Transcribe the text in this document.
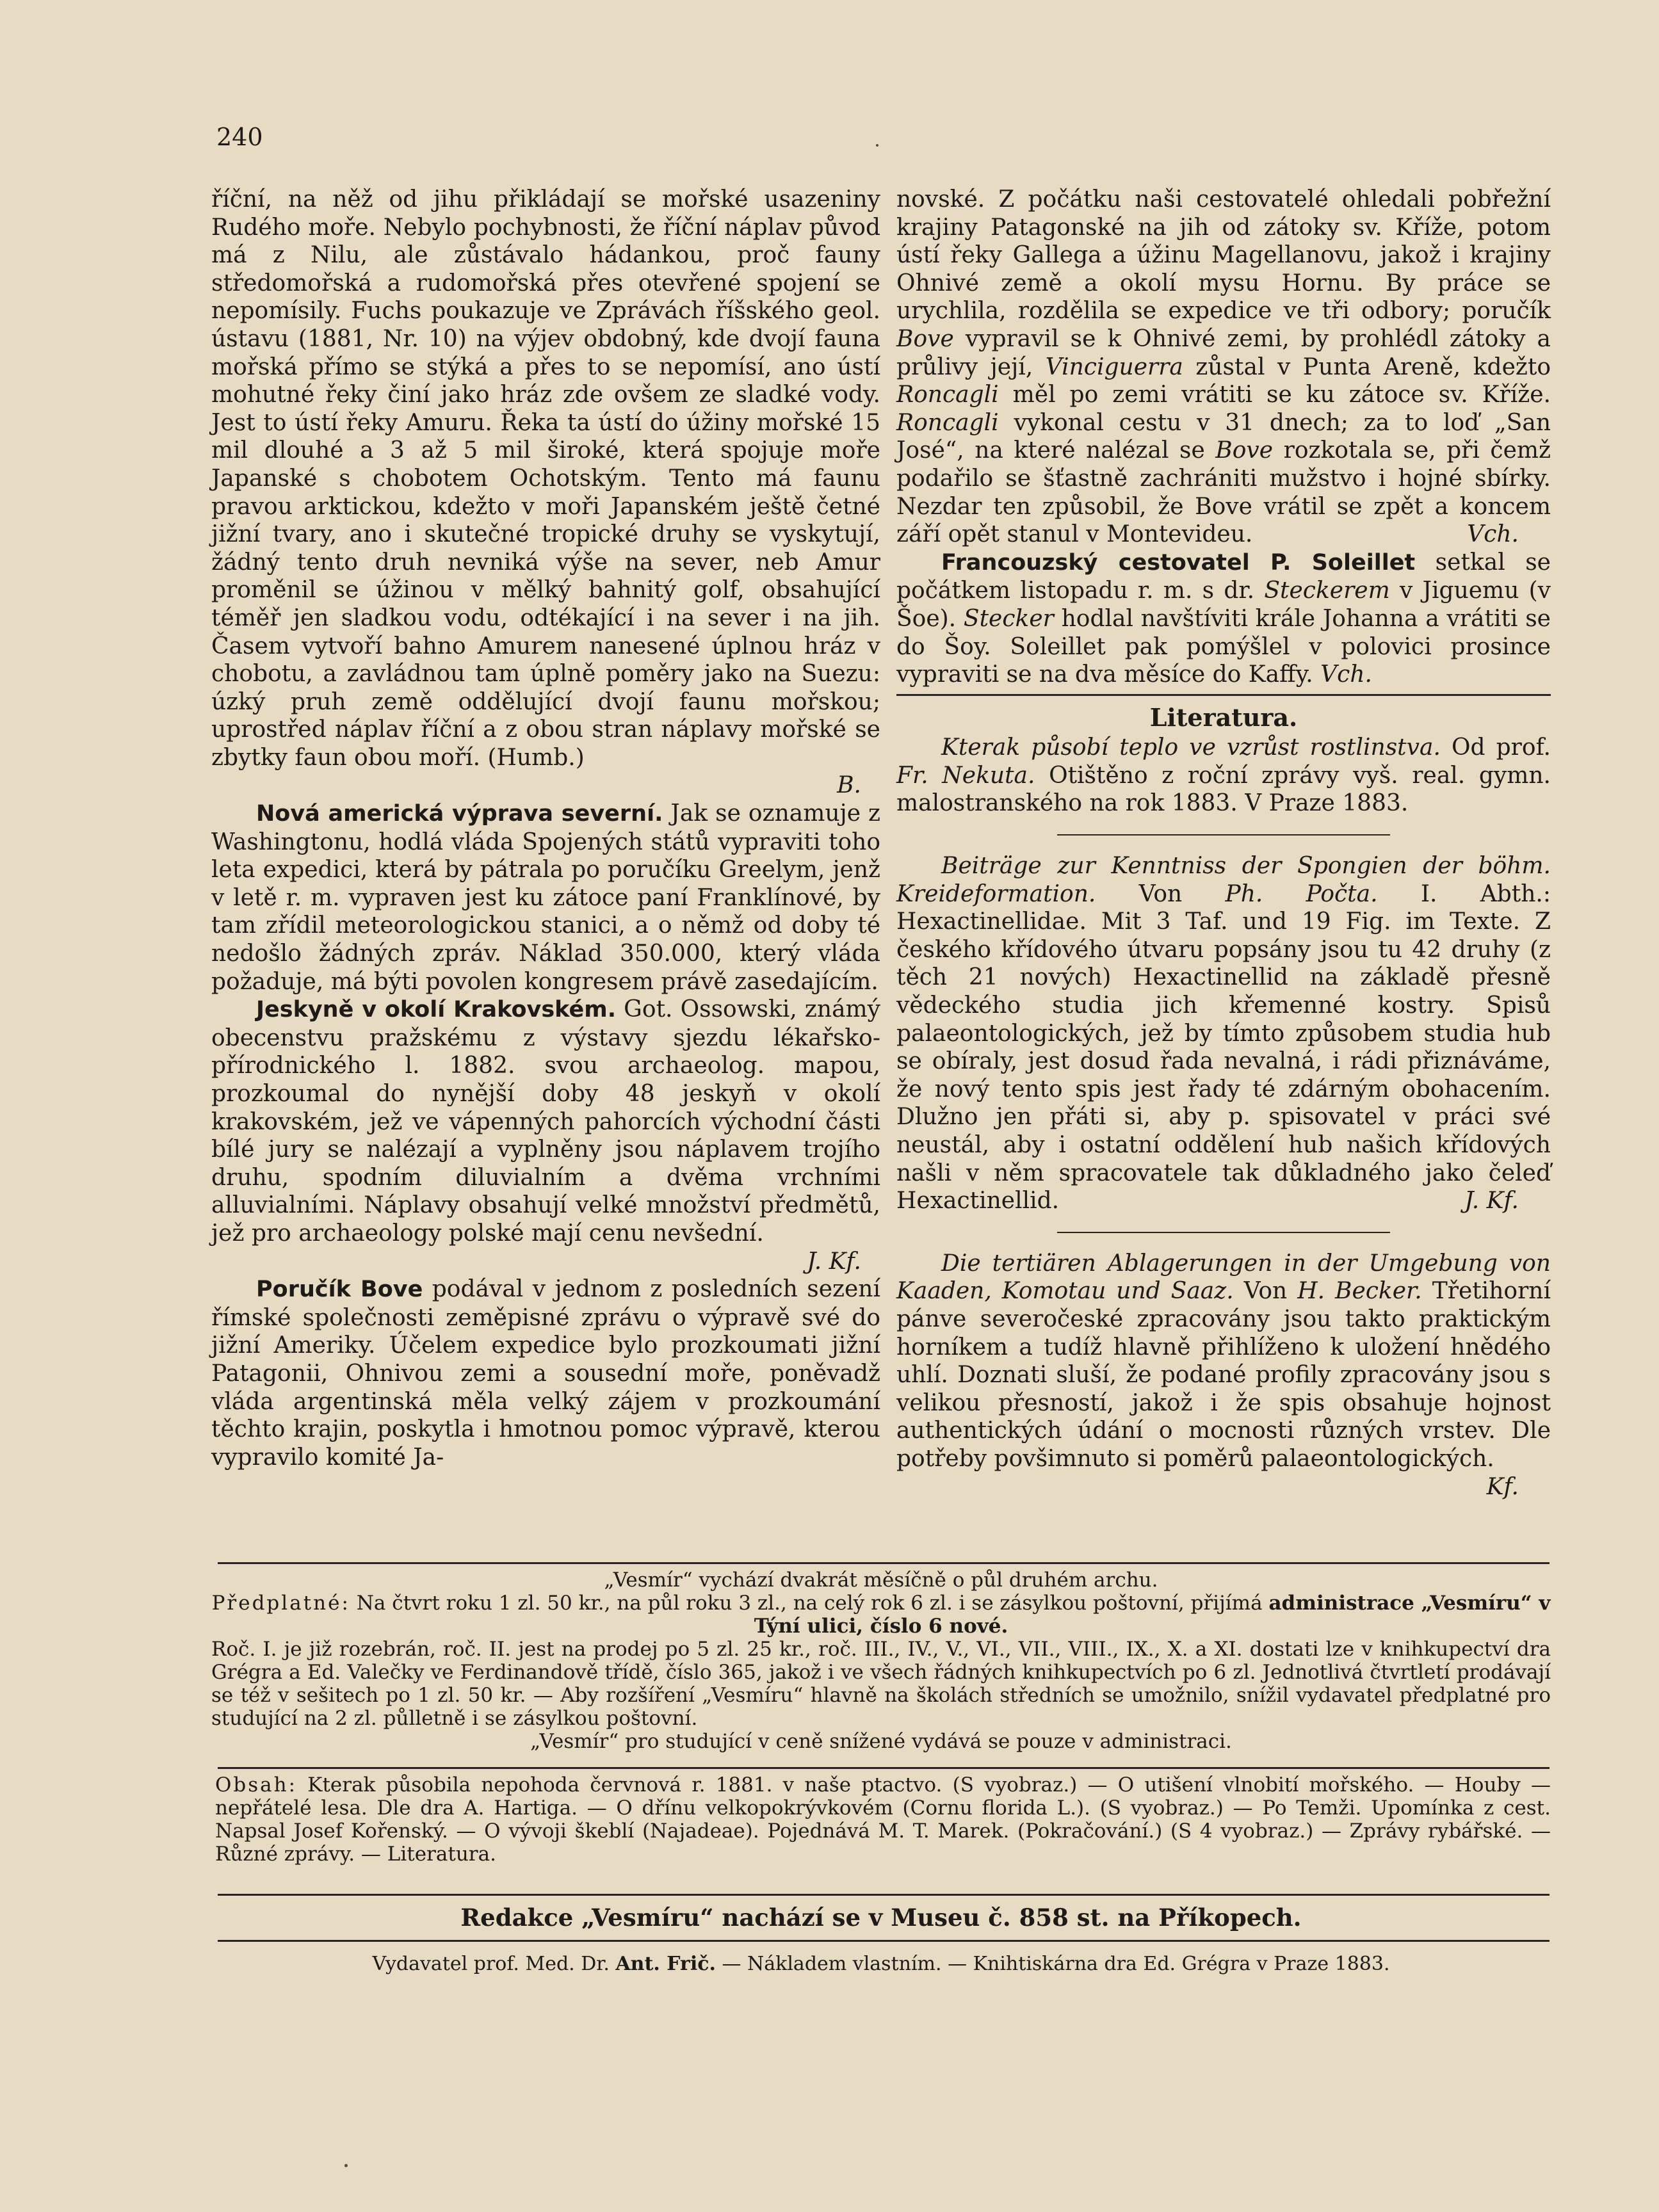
240

říční, na něž od jihu přikládají se mořské usazeniny Rudého moře. Nebylo pochybnosti, že říční náplav původ má z Nilu, ale zůstávalo hádankou, proč fauny středomořská a rudomořská přes otevřené spojení se nepomísily. Fuchs poukazuje ve Zprávách říšského geol. ústavu (1881, Nr. 10) na výjev obdobný, kde dvojí fauna mořská přímo se stýká a přes to se nepomísí, ano ústí mohutné řeky činí jako hráz zde ovšem ze sladké vody. Jest to ústí řeky Amuru. Řeka ta ústí do úžiny mořské 15 mil dlouhé a 3 až 5 mil široké, která spojuje moře Japanské s chobotem Ochotským. Tento má faunu pravou arktickou, kdežto v moři Japanském ještě četné jižní tvary, ano i skutečné tropické druhy se vyskytují, žádný tento druh nevniká výše na sever, neb Amur proměnil se úžinou v mělký bahnitý golf, obsahující téměř jen sladkou vodu, odtékající i na sever i na jih. Časem vytvoří bahno Amurem nanesené úplnou hráz v chobotu, a zavládnou tam úplně poměry jako na Suezu: úzký pruh země oddělující dvojí faunu mořskou; uprostřed náplav říční a z obou stran náplavy mořské se zbytky faun obou moří. (Humb.)

B.

Nová americká výprava severní. Jak se oznamuje z Washingtonu, hodlá vláda Spojených států vypraviti toho leta expedici, která by pátrala po poručíku Greelym, jenž v letě r. m. vypraven jest ku zátoce paní Franklínové, by tam zřídil meteorologickou stanici, a o němž od doby té nedošlo žádných zpráv. Náklad 350.000, který vláda požaduje, má býti povolen kongresem právě zasedajícím.

Jeskyně v okolí Krakovském. Got. Ossowski, známý obecenstvu pražskému z výstavy sjezdu lékařsko-přírodnického l. 1882. svou archaeolog. mapou, prozkoumal do nynější doby 48 jeskyň v okolí krakovském, jež ve vápenných pahorcích východní části bílé jury se nalézají a vyplněny jsou náplavem trojího druhu, spodním diluvialním a dvěma vrchními alluvialními. Náplavy obsahují velké množství předmětů, jež pro archaeology polské mají cenu nevšední.

J. Kf.

Poručík Bove podával v jednom z posledních sezení římské společnosti zeměpisné zprávu o výpravě své do jižní Ameriky. Účelem expedice bylo prozkoumati jižní Patagonii, Ohnivou zemi a sousední moře, poněvadž vláda argentinská měla velký zájem v prozkoumání těchto krajin, poskytla i hmotnou pomoc výpravě, kterou vypravilo komité Ja-

novské. Z počátku naši cestovatelé ohledali pobřežní krajiny Patagonské na jih od zátoky sv. Kříže, potom ústí řeky Gallega a úžinu Magellanovu, jakož i krajiny Ohnivé země a okolí mysu Hornu. By práce se urychlila, rozdělila se expedice ve tři odbory; poručík Bove vypravil se k Ohnivé zemi, by prohlédl zátoky a průlivy její, Vinciguerra zůstal v Punta Areně, kdežto Roncagli měl po zemi vrátiti se ku zátoce sv. Kříže. Roncagli vykonal cestu v 31 dnech; za to loď „San José“, na které nalézal se Bove rozkotala se, při čemž podařilo se šťastně zachrániti mužstvo i hojné sbírky. Nezdar ten způsobil, že Bove vrátil se zpět a koncem září opět stanul v Montevideu.	Vch.

Francouzský cestovatel P. Soleillet setkal se počátkem listopadu r. m. s dr. Steckerem v Jiguemu (v Šoe). Stecker hodlal navštíviti krále Johanna a vrátiti se do Šoy. Soleillet pak pomýšlel v polovici prosince vypraviti se na dva měsíce do Kaffy. Vch.

Literatura.

Kterak působí teplo ve vzrůst rostlinstva. Od prof. Fr. Nekuta. Otištěno z roční zprávy vyš. real. gymn. malostranského na rok 1883. V Praze 1883.

Beiträge zur Kenntniss der Spongien der böhm. Kreideformation. Von Ph. Počta. I. Abth.: Hexactinellidae. Mit 3 Taf. und 19 Fig. im Texte. Z českého křídového útvaru popsány jsou tu 42 druhy (z těch 21 nových) Hexactinellid na základě přesně vědeckého studia jich křemenné kostry. Spisů palaeontologických, jež by tímto způsobem studia hub se obíraly, jest dosud řada nevalná, i rádi přiznáváme, že nový tento spis jest řady té zdárným obohacením. Dlužno jen přáti si, aby p. spisovatel v práci své neustál, aby i ostatní oddělení hub našich křídových našli v něm spracovatele tak důkladného jako čeleď Hexactinellid.	J. Kf.

Die tertiären Ablagerungen in der Umgebung von Kaaden, Komotau und Saaz. Von H. Becker. Třetihorní pánve severočeské zpracovány jsou takto praktickým horníkem a tudíž hlavně přihlíženo k uložení hnědého uhlí. Doznati sluší, že podané profily zpracovány jsou s velikou přesností, jakož i že spis obsahuje hojnost authentických údání o mocnosti různých vrstev. Dle potřeby povšimnuto si poměrů palaeontologických.
Kf.

„Vesmír“ vychází dvakrát měsíčně o půl druhém archu.
Předplatné: Na čtvrt roku 1 zl. 50 kr., na půl roku 3 zl., na celý rok 6 zl. i se zásylkou poštovní, přijímá administrace „Vesmíru“ v Týní ulici, číslo 6 nové.
Roč. I. je již rozebrán, roč. II. jest na prodej po 5 zl. 25 kr., roč. III., IV., V., VI., VII., VIII., IX., X. a XI. dostati lze v knihkupectví dra Grégra a Ed. Valečky ve Ferdinandově třídě, číslo 365, jakož i ve všech řádných knihkupectvích po 6 zl. Jednotlivá čtvrtletí prodávají se též v sešitech po 1 zl. 50 kr. — Aby rozšíření „Vesmíru“ hlavně na školách středních se umožnilo, snížil vydavatel předplatné pro studující na 2 zl. půlletně i se zásylkou poštovní.
„Vesmír“ pro studující v ceně snížené vydává se pouze v administraci.
Obsah: Kterak působila nepohoda červnová r. 1881. v naše ptactvo. (S vyobraz.) — O utišení vlnobití mořského. — Houby — nepřátelé lesa. Dle dra A. Hartiga. — O dřínu velkopokrývkovém (Cornu florida L.). (S vyobraz.) — Po Temži. Upomínka z cest. Napsal Josef Kořenský. — O vývoji škeblí (Najadeae). Pojednává M. T. Marek. (Pokračování.) (S 4 vyobraz.) — Zprávy rybářské. — Různé zprávy. — Literatura.
Redakce „Vesmíru“ nachází se v Museu č. 858 st. na Příkopech.
Vydavatel prof. Med. Dr. Ant. Frič. — Nákladem vlastním. — Knihtiskárna dra Ed. Grégra v Praze 1883.
